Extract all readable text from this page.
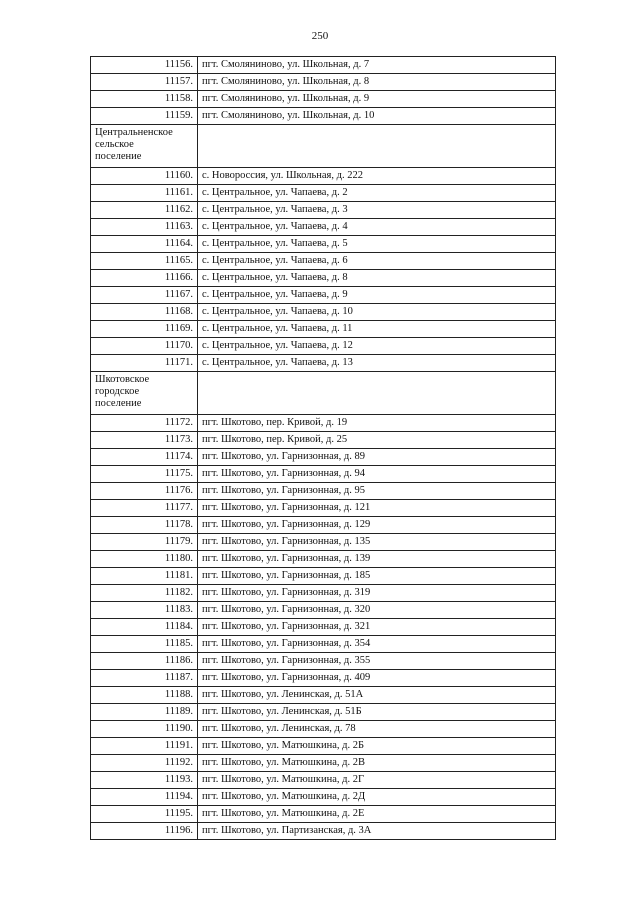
250
11156.	пгт. Смоляниново, ул. Школьная, д. 7
11157.	пгт. Смоляниново, ул. Школьная, д. 8
11158.	пгт. Смоляниново, ул. Школьная, д. 9
11159.	пгт. Смоляниново, ул. Школьная, д. 10

Центральненское
сельское
поселение	

11160.	с. Новороссия, ул. Школьная, д. 222
11161.	с. Центральное, ул. Чапаева, д. 2
11162.	с. Центральное, ул. Чапаева, д. 3
11163.	с. Центральное, ул. Чапаева, д. 4
11164.	с. Центральное, ул. Чапаева, д. 5
11165.	с. Центральное, ул. Чапаева, д. 6
11166.	с. Центральное, ул. Чапаева, д. 8
11167.	с. Центральное, ул. Чапаева, д. 9
11168.	с. Центральное, ул. Чапаева, д. 10
11169.	с. Центральное, ул. Чапаева, д. 11
11170.	с. Центральное, ул. Чапаева, д. 12
11171.	с. Центральное, ул. Чапаева, д. 13

Шкотовское
городское
поселение	

11172.	пгт. Шкотово, пер. Кривой, д. 19
11173.	пгт. Шкотово, пер. Кривой, д. 25
11174.	пгт. Шкотово, ул. Гарнизонная, д. 89
11175.	пгт. Шкотово, ул. Гарнизонная, д. 94
11176.	пгт. Шкотово, ул. Гарнизонная, д. 95
11177.	пгт. Шкотово, ул. Гарнизонная, д. 121
11178.	пгт. Шкотово, ул. Гарнизонная, д. 129
11179.	пгт. Шкотово, ул. Гарнизонная, д. 135
11180.	пгт. Шкотово, ул. Гарнизонная, д. 139
11181.	пгт. Шкотово, ул. Гарнизонная, д. 185
11182.	пгт. Шкотово, ул. Гарнизонная, д. 319
11183.	пгт. Шкотово, ул. Гарнизонная, д. 320
11184.	пгт. Шкотово, ул. Гарнизонная, д. 321
11185.	пгт. Шкотово, ул. Гарнизонная, д. 354
11186.	пгт. Шкотово, ул. Гарнизонная, д. 355
11187.	пгт. Шкотово, ул. Гарнизонная, д. 409
11188.	пгт. Шкотово, ул. Ленинская, д. 51А
11189.	пгт. Шкотово, ул. Ленинская, д. 51Б
11190.	пгт. Шкотово, ул. Ленинская, д. 78
11191.	пгт. Шкотово, ул. Матюшкина, д. 2Б
11192.	пгт. Шкотово, ул. Матюшкина, д. 2В
11193.	пгт. Шкотово, ул. Матюшкина, д. 2Г
11194.	пгт. Шкотово, ул. Матюшкина, д. 2Д
11195.	пгт. Шкотово, ул. Матюшкина, д. 2Е
11196.	пгт. Шкотово, ул. Партизанская, д. 3А
